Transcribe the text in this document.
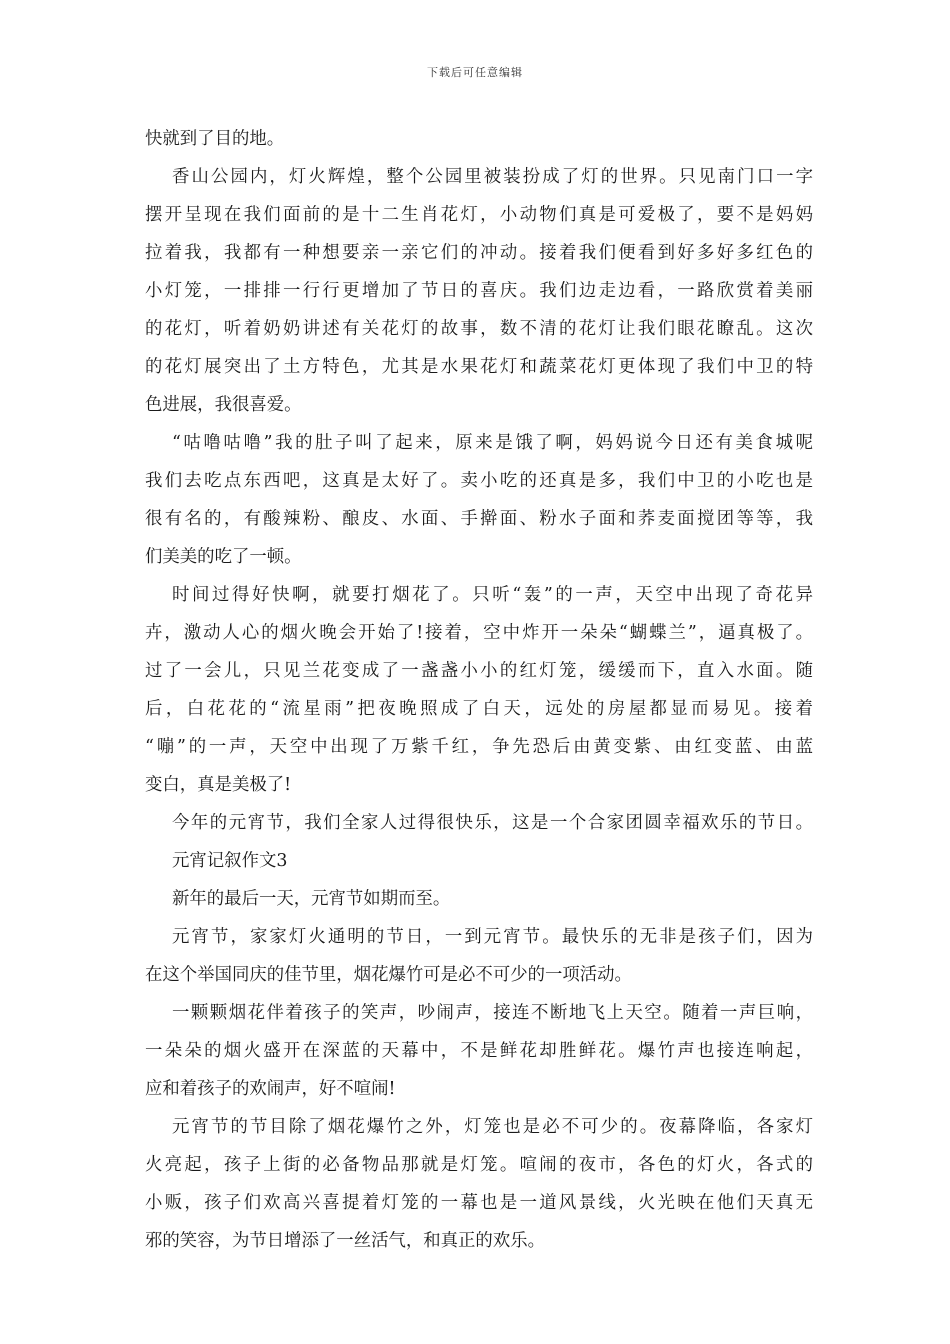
下载后可任意编辑
快就到了目的地。
香山公园内，灯火辉煌，整个公园里被装扮成了灯的世界。只见南门口一字
摆开呈现在我们面前的是十二生肖花灯，小动物们真是可爱极了，要不是妈妈
拉着我，我都有一种想要亲一亲它们的冲动。接着我们便看到好多好多红色的
小灯笼，一排排一行行更增加了节日的喜庆。我们边走边看，一路欣赏着美丽
的花灯，听着奶奶讲述有关花灯的故事，数不清的花灯让我们眼花瞭乱。这次
的花灯展突出了土方特色，尤其是水果花灯和蔬菜花灯更体现了我们中卫的特
色进展，我很喜爱。
“咕噜咕噜”我的肚子叫了起来，原来是饿了啊，妈妈说今日还有美食城呢
我们去吃点东西吧，这真是太好了。卖小吃的还真是多，我们中卫的小吃也是
很有名的，有酸辣粉、酿皮、水面、手擀面、粉水子面和荞麦面搅团等等，我
们美美的吃了一顿。
时间过得好快啊，就要打烟花了。只听“轰”的一声，天空中出现了奇花异
卉，激动人心的烟火晚会开始了!接着，空中炸开一朵朵“蝴蝶兰”，逼真极了。
过了一会儿，只见兰花变成了一盏盏小小的红灯笼，缓缓而下，直入水面。随
后，白花花的“流星雨”把夜晚照成了白天，远处的房屋都显而易见。接着
“嘣”的一声，天空中出现了万紫千红，争先恐后由黄变紫、由红变蓝、由蓝
变白，真是美极了!
今年的元宵节，我们全家人过得很快乐，这是一个合家团圆幸福欢乐的节日。
元宵记叙作文3
新年的最后一天，元宵节如期而至。
元宵节，家家灯火通明的节日，一到元宵节。最快乐的无非是孩子们，因为
在这个举国同庆的佳节里，烟花爆竹可是必不可少的一项活动。
一颗颗烟花伴着孩子的笑声，吵闹声，接连不断地飞上天空。随着一声巨响，
一朵朵的烟火盛开在深蓝的天幕中，不是鲜花却胜鲜花。爆竹声也接连响起，
应和着孩子的欢闹声，好不喧闹!
元宵节的节目除了烟花爆竹之外，灯笼也是必不可少的。夜幕降临，各家灯
火亮起，孩子上街的必备物品那就是灯笼。喧闹的夜市，各色的灯火，各式的
小贩，孩子们欢高兴喜提着灯笼的一幕也是一道风景线，火光映在他们天真无
邪的笑容，为节日增添了一丝活气，和真正的欢乐。
